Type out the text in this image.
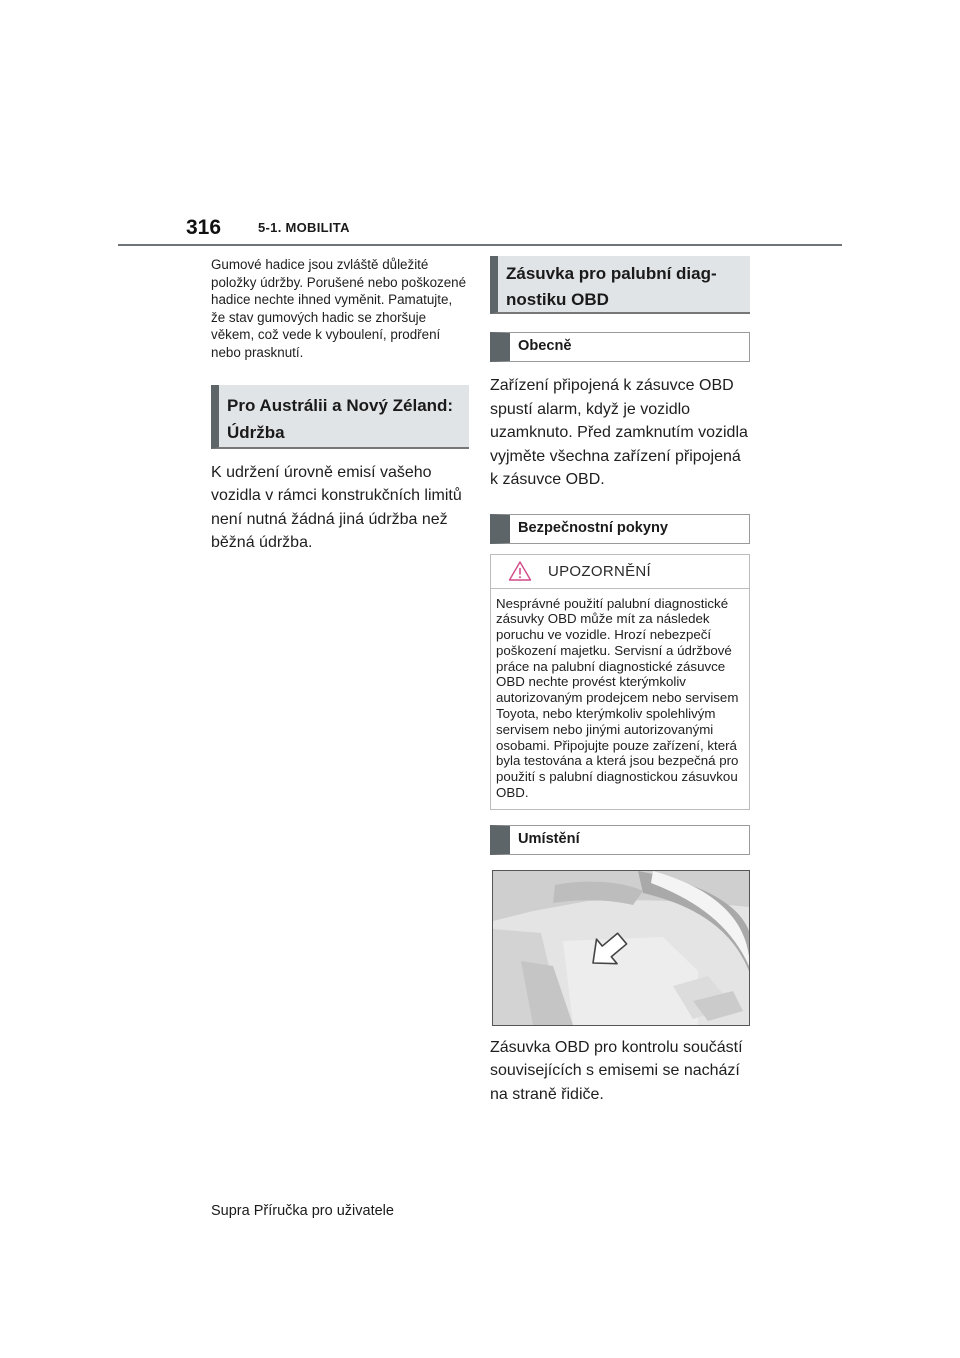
316	5-1. MOBILITA

Gumové hadice jsou zvláště důležité položky údržby. Porušené nebo poškozené hadice nechte ihned vyměnit. Pamatujte, že stav gumových hadic se zhoršuje věkem, což vede k vyboulení, prodření nebo prasknutí.

Pro Austrálii a Nový Zéland:
Údržba

K udržení úrovně emisí vašeho vozidla v rámci konstrukčních limitů není nutná žádná jiná údržba než běžná údržba.

Zásuvka pro palubní diag-
nostiku OBD
Obecně

Zařízení připojená k zásuvce OBD spustí alarm, když je vozidlo uzamknuto. Před zamknutím vozidla vyjměte všechna zařízení připojená k zásuvce OBD.

Bezpečnostní pokyny
UPOZORNĚNÍ

Nesprávné použití palubní diagnostické zásuvky OBD může mít za následek poruchu ve vozidle. Hrozí nebezpečí poškození majetku. Servisní a údržbové práce na palubní diagnostické zásuvce OBD nechte provést kterýmkoliv autorizovaným prodejcem nebo servisem Toyota, nebo kterýmkoliv spolehlivým servisem nebo jinými autorizovanými osobami. Připojujte pouze zařízení, která byla testována a která jsou bezpečná pro použití s palubní diagnostickou zásuvkou OBD.

Umístění

Zásuvka OBD pro kontrolu součástí souvisejících s emisemi se nachází na straně řidiče.

Supra Příručka pro uživatele
